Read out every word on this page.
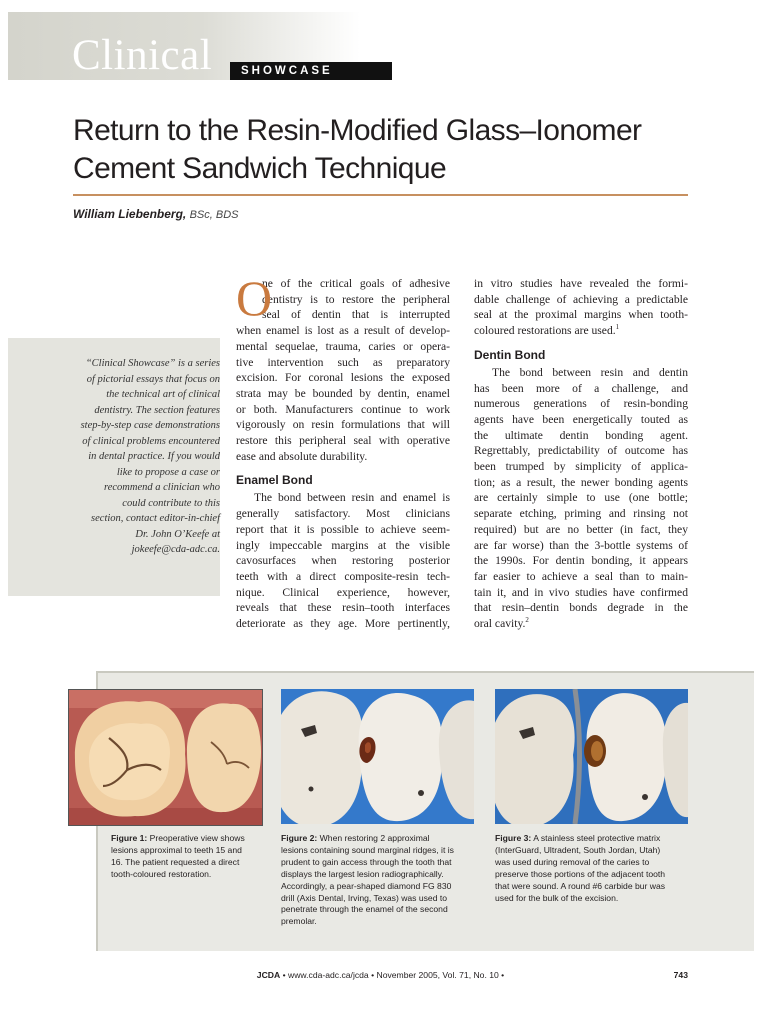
Clinical	SHOWCASE
Return to the Resin-Modified Glass–Ionomer
Cement Sandwich Technique
William Liebenberg, BSc, BDS
“Clinical Showcase” is a series
of pictorial essays that focus on
the technical art of clinical
dentistry. The section features
step-by-step case demonstrations
of clinical problems encountered
in dental practice. If you would
like to propose a case or
recommend a clinician who
could contribute to this
section, contact editor-in-chief
Dr. John O’Keefe at
jokeefe@cda-adc.ca.
O
ne of the critical goals of adhesive
dentistry is to restore the peripheral
seal of dentin that is interrupted
when enamel is lost as a result of develop-
mental sequelae, trauma, caries or opera-
tive intervention such as preparatory
excision. For coronal lesions the exposed
strata may be bounded by dentin, enamel
or both. Manufacturers continue to work
vigorously on resin formulations that will
restore this peripheral seal with operative
ease and absolute durability.
Enamel Bond
The bond between resin and enamel is
generally satisfactory. Most clinicians
report that it is possible to achieve seem-
ingly impeccable margins at the visible
cavosurfaces when restoring posterior
teeth with a direct composite-resin tech-
nique. Clinical experience, however,
reveals that these resin–tooth interfaces
deteriorate as they age. More pertinently,
in vitro studies have revealed the formi-
dable challenge of achieving a predictable
seal at the proximal margins when tooth-
coloured restorations are used.$^1$
Dentin Bond
The bond between resin and dentin
has been more of a challenge, and
numerous generations of resin-bonding
agents have been energetically touted as
the ultimate dentin bonding agent.
Regrettably, predictability of outcome has
been trumped by simplicity of applica-
tion; as a result, the newer bonding agents
are certainly simple to use (one bottle;
separate etching, priming and rinsing not
required) but are no better (in fact, they
are far worse) than the 3-bottle systems of
the 1990s. For dentin bonding, it appears
far easier to achieve a seal than to main-
tain it, and in vivo studies have confirmed
that resin–dentin bonds degrade in the
oral cavity.$^2$
Figure 1: Preoperative view shows
lesions approximal to teeth 15 and
16. The patient requested a direct
tooth-coloured restoration.
Figure 2: When restoring 2 approximal
lesions containing sound marginal ridges, it is
prudent to gain access through the tooth that
displays the largest lesion radiographically.
Accordingly, a pear-shaped diamond FG 830
drill (Axis Dental, Irving, Texas) was used to
penetrate through the enamel of the second
premolar.
Figure 3: A stainless steel protective matrix
(InterGuard, Ultradent, South Jordan, Utah)
was used during removal of the caries to
preserve those portions of the adjacent tooth
that were sound. A round #6 carbide bur was
used for the bulk of the excision.
JCDA • www.cda-adc.ca/jcda • November 2005, Vol. 71, No. 10 •	743
